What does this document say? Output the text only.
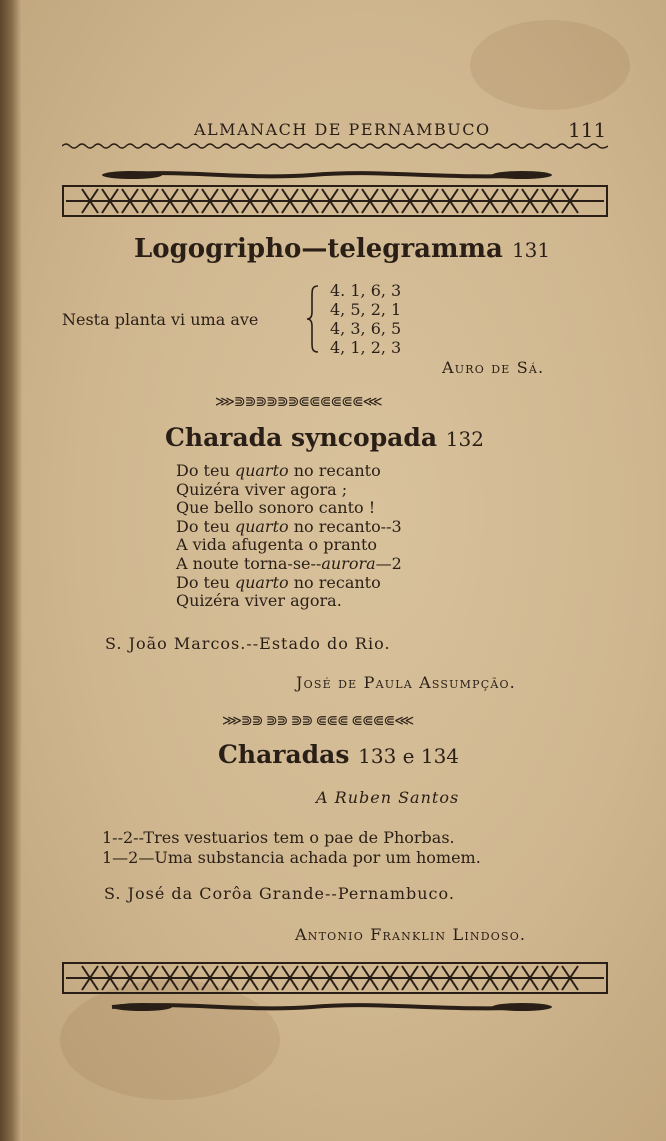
ALMANACH DE PERNAMBUCO	111
Logogripho—telegramma 131
Nesta planta vi uma ave
4. 1, 6, 3
4, 5, 2, 1
4, 3, 6, 5
4, 1, 2, 3
Auro de Sá.
⋙⋑⋑⋑⋑⋑⋑⋐⋐⋐⋐⋐⋐⋘
Charada syncopada 132
Do teu quarto no recanto
Quizéra viver agora ;
Que bello sonoro canto !
Do teu quarto no recanto--3
A vida afugenta o pranto
A noute torna-se--aurora—2
Do teu quarto no recanto
Quizéra viver agora.
S. João Marcos.--Estado do Rio.
José de Paula Assumpção.
⋙⋑⋑ ⋑⋑ ⋑⋑ ⋐⋐⋐ ⋐⋐⋐⋐⋘
Charadas 133 e 134
A Ruben Santos
1--2--Tres vestuarios tem o pae de Phorbas.
1—2—Uma substancia achada por um homem.
S. José da Corôa Grande--Pernambuco.
Antonio Franklin Lindoso.
